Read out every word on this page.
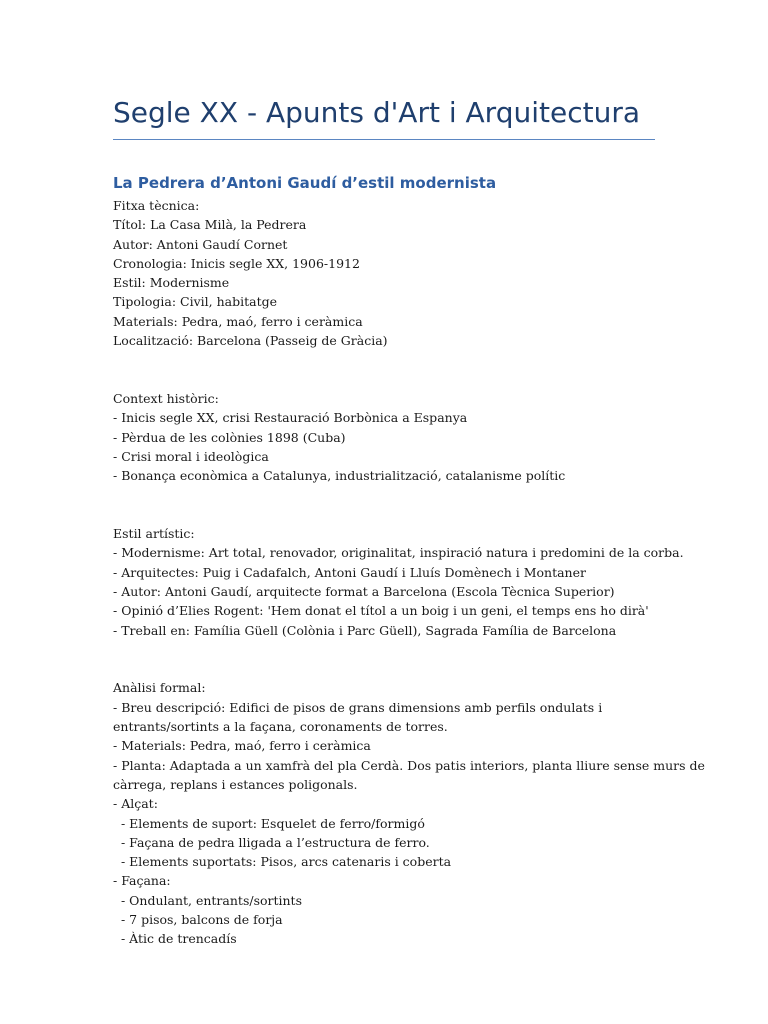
Segle XX - Apunts d'Art i Arquitectura
La Pedrera d’Antoni Gaudí d’estil modernista
Fitxa tècnica:
Títol: La Casa Milà, la Pedrera
Autor: Antoni Gaudí Cornet
Cronologia: Inicis segle XX, 1906-1912
Estil: Modernisme
Tipologia: Civil, habitatge
Materials: Pedra, maó, ferro i ceràmica
Localització: Barcelona (Passeig de Gràcia)
Context històric:
- Inicis segle XX, crisi Restauració Borbònica a Espanya
- Pèrdua de les colònies 1898 (Cuba)
- Crisi moral i ideològica
- Bonança econòmica a Catalunya, industrialització, catalanisme polític
Estil artístic:
- Modernisme: Art total, renovador, originalitat, inspiració natura i predomini de la corba.
- Arquitectes: Puig i Cadafalch, Antoni Gaudí i Lluís Domènech i Montaner
- Autor: Antoni Gaudí, arquitecte format a Barcelona (Escola Tècnica Superior)
- Opinió d’Elies Rogent: 'Hem donat el títol a un boig i un geni, el temps ens ho dirà'
- Treball en: Família Güell (Colònia i Parc Güell), Sagrada Família de Barcelona
Anàlisi formal:
- Breu descripció: Edifici de pisos de grans dimensions amb perfils ondulats i
entrants/sortints a la façana, coronaments de torres.
- Materials: Pedra, maó, ferro i ceràmica
- Planta: Adaptada a un xamfrà del pla Cerdà. Dos patis interiors, planta lliure sense murs de
càrrega, replans i estances poligonals.
- Alçat:
- Elements de suport: Esquelet de ferro/formigó
- Façana de pedra lligada a l’estructura de ferro.
- Elements suportats: Pisos, arcs catenaris i coberta
- Façana:
- Ondulant, entrants/sortints
- 7 pisos, balcons de forja
- Àtic de trencadís
